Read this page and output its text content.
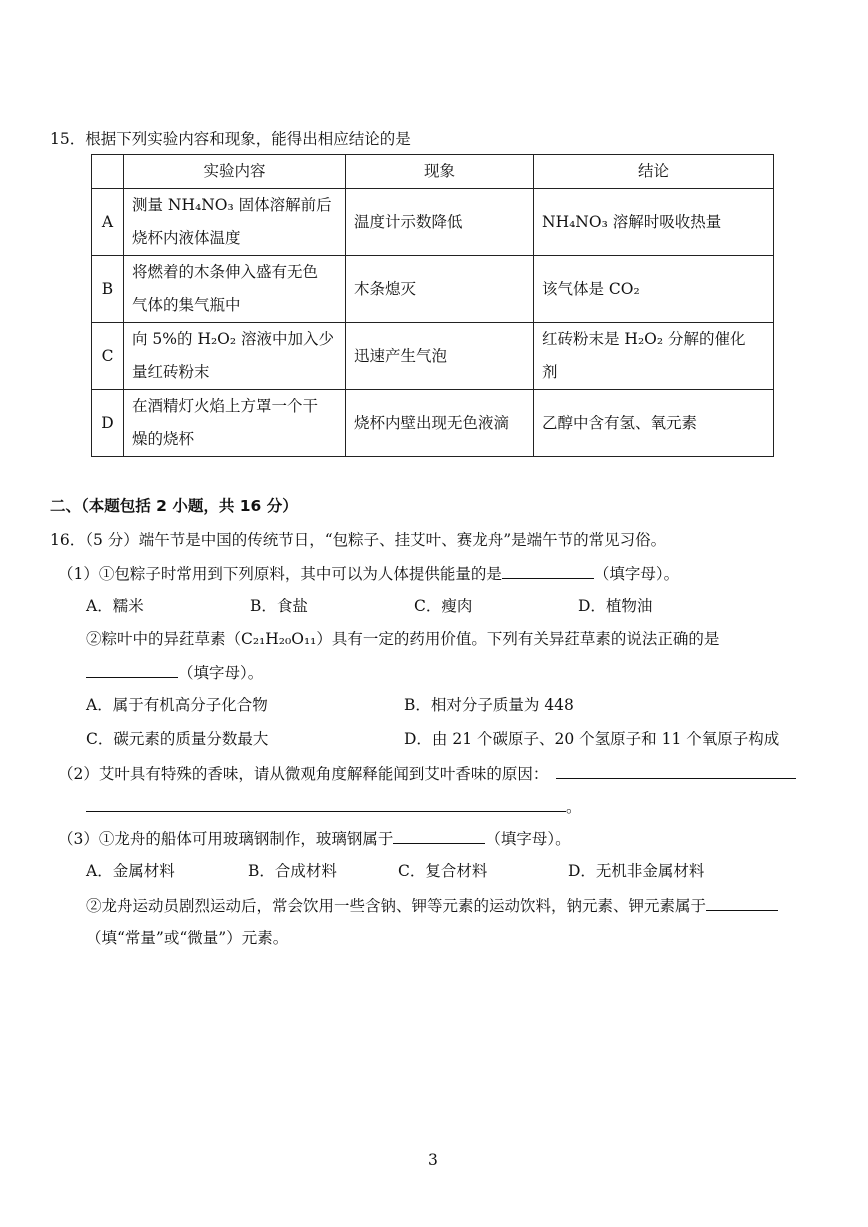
15．根据下列实验内容和现象，能得出相应结论的是
	实验内容	现象	结论
A	测量 NH₄NO₃ 固体溶解前后
烧杯内液体温度	温度计示数降低	NH₄NO₃ 溶解时吸收热量
B	将燃着的木条伸入盛有无色
气体的集气瓶中	木条熄灭	该气体是 CO₂
C	向 5%的 H₂O₂ 溶液中加入少
量红砖粉末	迅速产生气泡	红砖粉末是 H₂O₂ 分解的催化
剂
D	在酒精灯火焰上方罩一个干
燥的烧杯	烧杯内壁出现无色液滴	乙醇中含有氢、氧元素
二、（本题包括 2 小题，共 16 分）
16．（5 分）端午节是中国的传统节日，“包粽子、挂艾叶、赛龙舟”是端午节的常见习俗。
（1）①包粽子时常用到下列原料，其中可以为人体提供能量的是	（填字母）。
A．糯米	B．食盐	C．瘦肉	D．植物油
②粽叶中的异荭草素（C₂₁H₂₀O₁₁）具有一定的药用价值。下列有关异荭草素的说法正确的是
（填字母）。
A．属于有机高分子化合物	B．相对分子质量为 448
C．碳元素的质量分数最大	D．由 21 个碳原子、20 个氢原子和 11 个氧原子构成
（2）艾叶具有特殊的香味，请从微观角度解释能闻到艾叶香味的原因：
。
（3）①龙舟的船体可用玻璃钢制作，玻璃钢属于	（填字母）。
A．金属材料	B．合成材料	C．复合材料	D．无机非金属材料
②龙舟运动员剧烈运动后，常会饮用一些含钠、钾等元素的运动饮料，钠元素、钾元素属于
（填“常量”或“微量”）元素。
3
